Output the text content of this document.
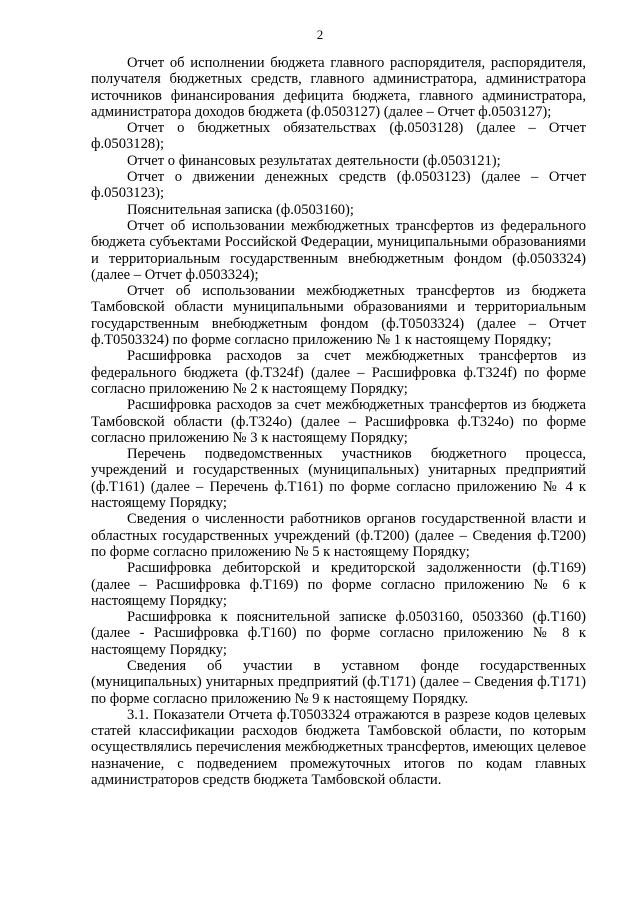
2

Отчет об исполнении бюджета главного распорядителя, распорядителя, получателя бюджетных средств, главного администратора, администратора источников финансирования дефицита бюджета, главного администратора, администратора доходов бюджета (ф.0503127) (далее – Отчет ф.0503127);

Отчет о бюджетных обязательствах (ф.0503128) (далее – Отчет ф.0503128);

Отчет о финансовых результатах деятельности (ф.0503121);

Отчет о движении денежных средств (ф.0503123) (далее – Отчет ф.0503123);

Пояснительная записка (ф.0503160);

Отчет об использовании межбюджетных трансфертов из федерального бюджета субъектами Российской Федерации, муниципальными образованиями и территориальным государственным внебюджетным фондом (ф.0503324) (далее – Отчет ф.0503324);

Отчет об использовании межбюджетных трансфертов из бюджета Тамбовской области муниципальными образованиями и территориальным государственным внебюджетным фондом (ф.Т0503324) (далее – Отчет ф.Т0503324) по форме согласно приложению № 1 к настоящему Порядку;

Расшифровка расходов за счет межбюджетных трансфертов из федерального бюджета (ф.Т324f) (далее – Расшифровка ф.Т324f) по форме согласно приложению № 2 к настоящему Порядку;

Расшифровка расходов за счет межбюджетных трансфертов из бюджета Тамбовской области (ф.Т324о) (далее – Расшифровка ф.Т324о) по форме согласно приложению № 3 к настоящему Порядку;

Перечень подведомственных участников бюджетного процесса, учреждений и государственных (муниципальных) унитарных предприятий (ф.Т161) (далее – Перечень ф.Т161) по форме согласно приложению № 4 к настоящему Порядку;

Сведения о численности работников органов государственной власти и областных государственных учреждений (ф.Т200) (далее – Сведения ф.Т200) по форме согласно приложению № 5 к настоящему Порядку;

Расшифровка дебиторской и кредиторской задолженности (ф.Т169) (далее – Расшифровка ф.Т169) по форме согласно приложению № 6 к настоящему Порядку;

Расшифровка к пояснительной записке ф.0503160, 0503360 (ф.Т160) (далее - Расшифровка ф.Т160) по форме согласно приложению № 8 к настоящему Порядку;

Сведения об участии в уставном фонде государственных (муниципальных) унитарных предприятий (ф.Т171) (далее – Сведения ф.Т171) по форме согласно приложению № 9 к настоящему Порядку.

3.1. Показатели Отчета ф.Т0503324 отражаются в разрезе кодов целевых статей классификации расходов бюджета Тамбовской области, по которым осуществлялись перечисления межбюджетных трансфертов, имеющих целевое назначение, с подведением промежуточных итогов по кодам главных администраторов средств бюджета Тамбовской области.
